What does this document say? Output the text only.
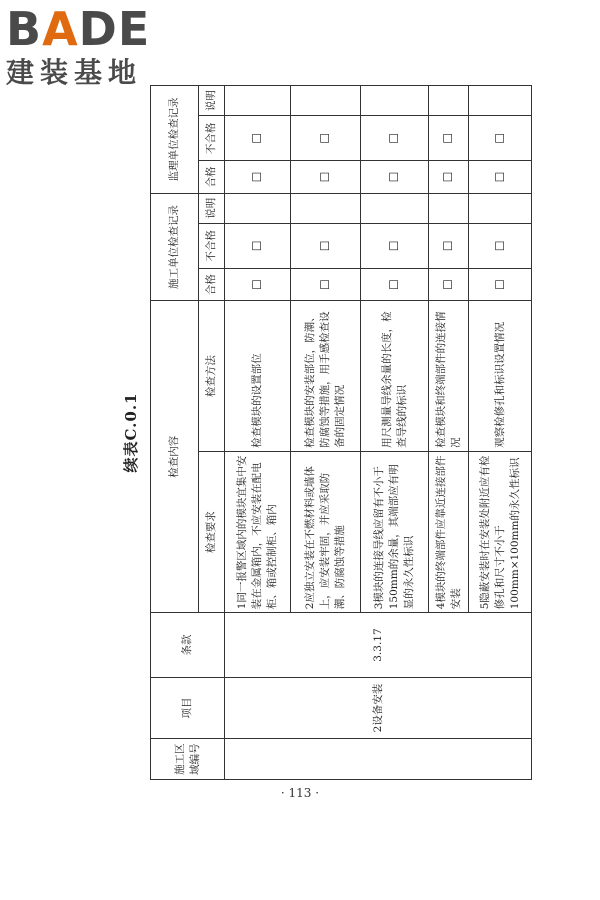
BADE
建装基地
续表C.0.1
施工区域编号	项目	条款	检查内容		施工单位检查记录			监理单位检查记录		
			检查要求	检查方法	合格	不合格	说明	合格	不合格	说明
	2设备安装	3.3.17	1同一报警区域内的模块宜集中安装在金属箱内，不应安装在配电柜、箱或控制柜、箱内	检查模块的设置部位	☐	☐		☐	☐	
			2应独立安装在不燃材料或墙体上，应安装牢固，并应采取防潮、防腐蚀等措施	检查模块的安装部位，防潮、防腐蚀等措施，用手感检查设备的固定情况	☐	☐		☐	☐	
			3模块的连接导线应留有不小于150mm的余量，其端部应有明显的永久性标识	用尺测量导线余量的长度，检查导线的标识	☐	☐		☐	☐	
			4模块的终端部件应靠近连接部件安装	检查模块和终端部件的连接情况	☐	☐		☐	☐	
			5隐蔽安装时在安装处附近应有检修孔和尺寸不小于100mm×100mm的永久性标识	观察检修孔和标识设置情况	☐	☐		☐	☐	
· 113 ·
